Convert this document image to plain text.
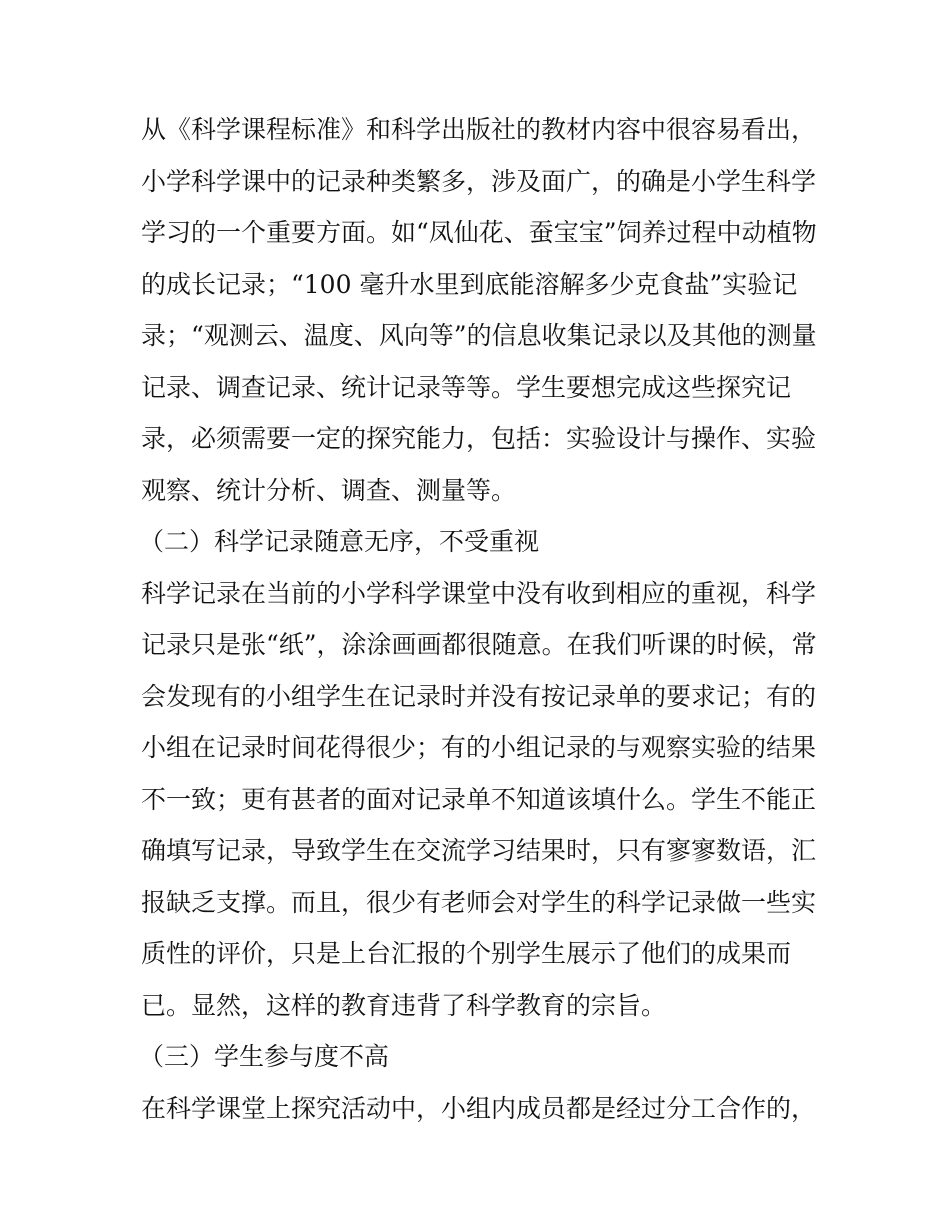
从《科学课程标准》和科学出版社的教材内容中很容易看出，
小学科学课中的记录种类繁多，涉及面广，的确是小学生科学
学习的一个重要方面。如“凤仙花、蚕宝宝”饲养过程中动植物
的成长记录；“100 毫升水里到底能溶解多少克食盐”实验记
录；“观测云、温度、风向等”的信息收集记录以及其他的测量
记录、调查记录、统计记录等等。学生要想完成这些探究记
录，必须需要一定的探究能力，包括：实验设计与操作、实验
观察、统计分析、调查、测量等。
（二）科学记录随意无序，不受重视
科学记录在当前的小学科学课堂中没有收到相应的重视，科学
记录只是张“纸”，涂涂画画都很随意。在我们听课的时候，常
会发现有的小组学生在记录时并没有按记录单的要求记；有的
小组在记录时间花得很少；有的小组记录的与观察实验的结果
不一致；更有甚者的面对记录单不知道该填什么。学生不能正
确填写记录，导致学生在交流学习结果时，只有寥寥数语，汇
报缺乏支撑。而且，很少有老师会对学生的科学记录做一些实
质性的评价，只是上台汇报的个别学生展示了他们的成果而
已。显然，这样的教育违背了科学教育的宗旨。
（三）学生参与度不高
在科学课堂上探究活动中，小组内成员都是经过分工合作的，
